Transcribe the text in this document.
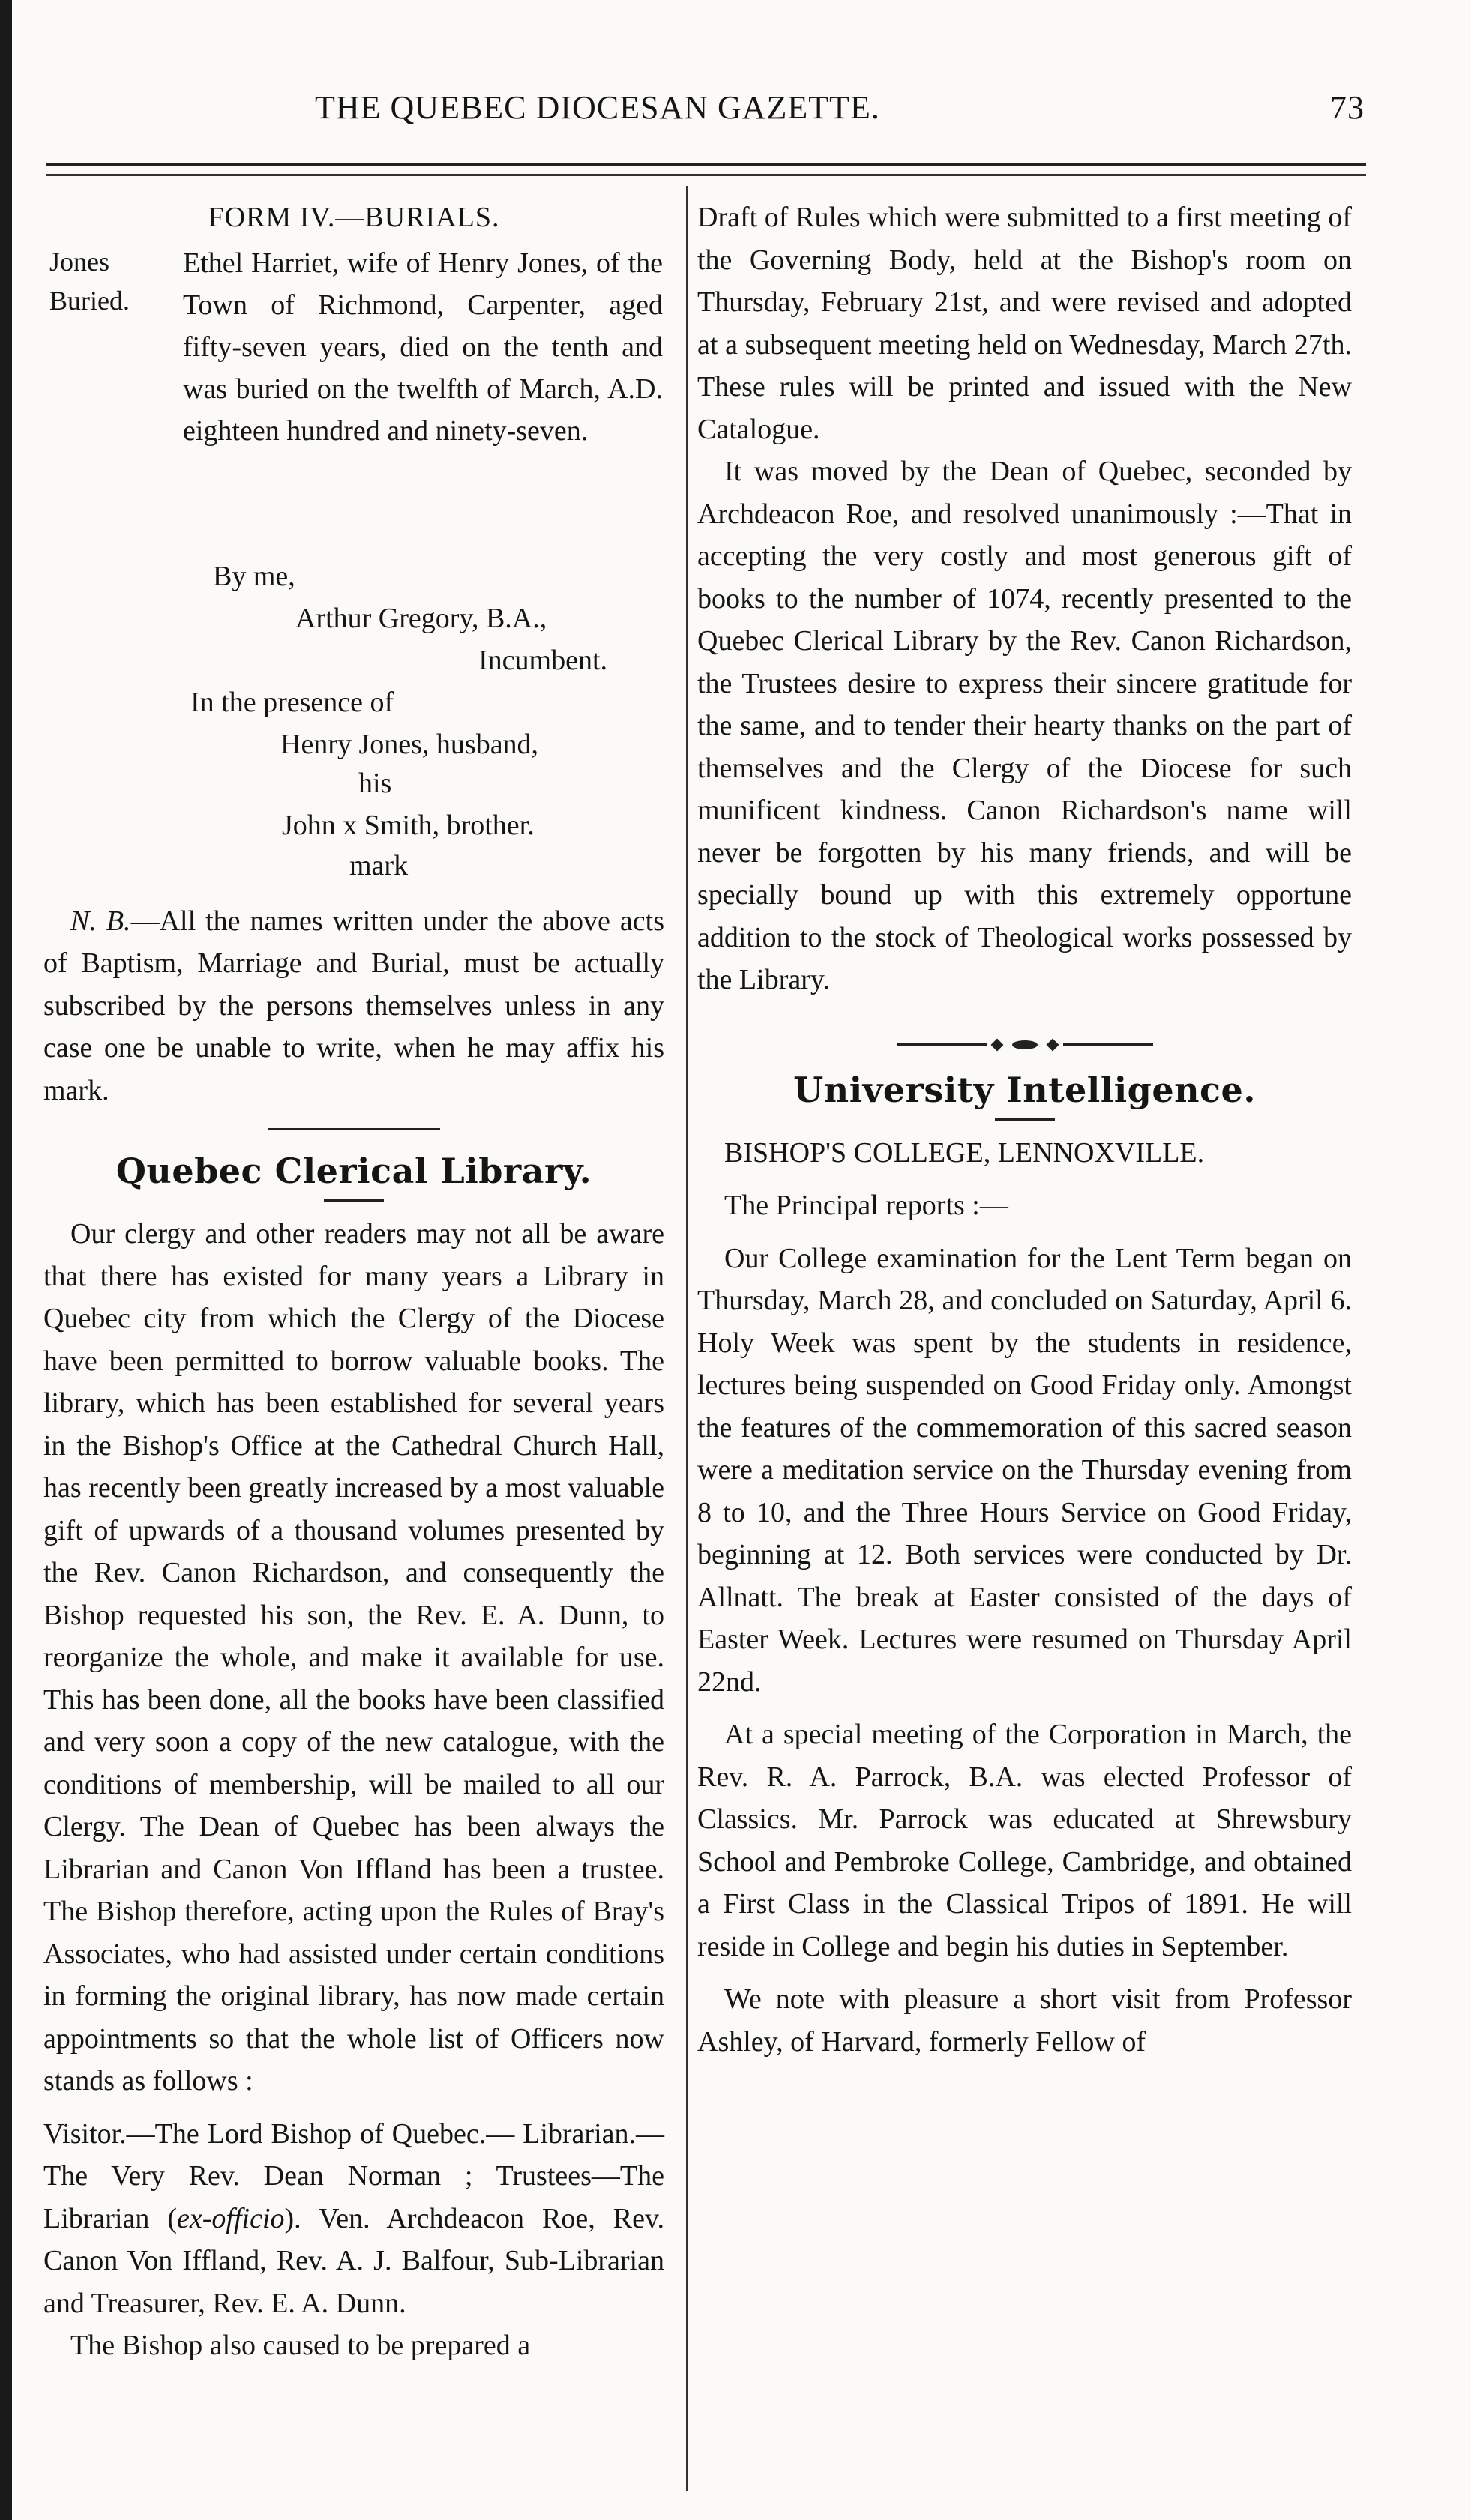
THE QUEBEC DIOCESAN GAZETTE.	73
FORM IV.—BURIALS.
Jones
Buried.
Ethel Harriet, wife of Henry Jones, of the Town of Richmond, Carpenter, aged fifty-seven years, died on the tenth and was buried on the twelfth of March, A.D. eighteen hundred and ninety-seven.
By me,
Arthur Gregory, B.A.,
Incumbent.
In the presence of
Henry Jones, husband,
his
John x Smith, brother.
mark

N. B.—All the names written under the above acts of Baptism, Marriage and Burial, must be actually subscribed by the persons themselves unless in any case one be unable to write, when he may affix his mark.

Quebec Clerical Library.

Our clergy and other readers may not all be aware that there has existed for many years a Library in Quebec city from which the Clergy of the Diocese have been permitted to borrow valuable books. The library, which has been established for several years in the Bishop's Office at the Cathedral Church Hall, has recently been greatly increased by a most valuable gift of upwards of a thousand volumes presented by the Rev. Canon Richardson, and consequently the Bishop requested his son, the Rev. E. A. Dunn, to reorganize the whole, and make it available for use. This has been done, all the books have been classified and very soon a copy of the new catalogue, with the conditions of membership, will be mailed to all our Clergy. The Dean of Quebec has been always the Librarian and Canon Von Iffland has been a trustee. The Bishop therefore, acting upon the Rules of Bray's Associates, who had assisted under certain conditions in forming the original library, has now made certain appointments so that the whole list of Officers now stands as follows :

Visitor.—The Lord Bishop of Quebec.— Librarian.—The Very Rev. Dean Norman ; Trustees—The Librarian (ex-officio). Ven. Archdeacon Roe, Rev. Canon Von Iffland, Rev. A. J. Balfour, Sub-Librarian and Treasurer, Rev. E. A. Dunn.

The Bishop also caused to be prepared a

Draft of Rules which were submitted to a first meeting of the Governing Body, held at the Bishop's room on Thursday, February 21st, and were revised and adopted at a subsequent meeting held on Wednesday, March 27th. These rules will be printed and issued with the New Catalogue.

It was moved by the Dean of Quebec, seconded by Archdeacon Roe, and resolved unanimously :—That in accepting the very costly and most generous gift of books to the number of 1074, recently presented to the Quebec Clerical Library by the Rev. Canon Richardson, the Trustees desire to express their sincere gratitude for the same, and to tender their hearty thanks on the part of themselves and the Clergy of the Diocese for such munificent kindness. Canon Richardson's name will never be forgotten by his many friends, and will be specially bound up with this extremely opportune addition to the stock of Theological works possessed by the Library.

University Intelligence.

BISHOP'S COLLEGE, LENNOXVILLE.

The Principal reports :—

Our College examination for the Lent Term began on Thursday, March 28, and concluded on Saturday, April 6. Holy Week was spent by the students in residence, lectures being suspended on Good Friday only. Amongst the features of the commemoration of this sacred season were a meditation service on the Thursday evening from 8 to 10, and the Three Hours Service on Good Friday, beginning at 12. Both services were conducted by Dr. Allnatt. The break at Easter consisted of the days of Easter Week. Lectures were resumed on Thursday April 22nd.

At a special meeting of the Corporation in March, the Rev. R. A. Parrock, B.A. was elected Professor of Classics. Mr. Parrock was educated at Shrewsbury School and Pembroke College, Cambridge, and obtained a First Class in the Classical Tripos of 1891. He will reside in College and begin his duties in September.

We note with pleasure a short visit from Professor Ashley, of Harvard, formerly Fellow of
